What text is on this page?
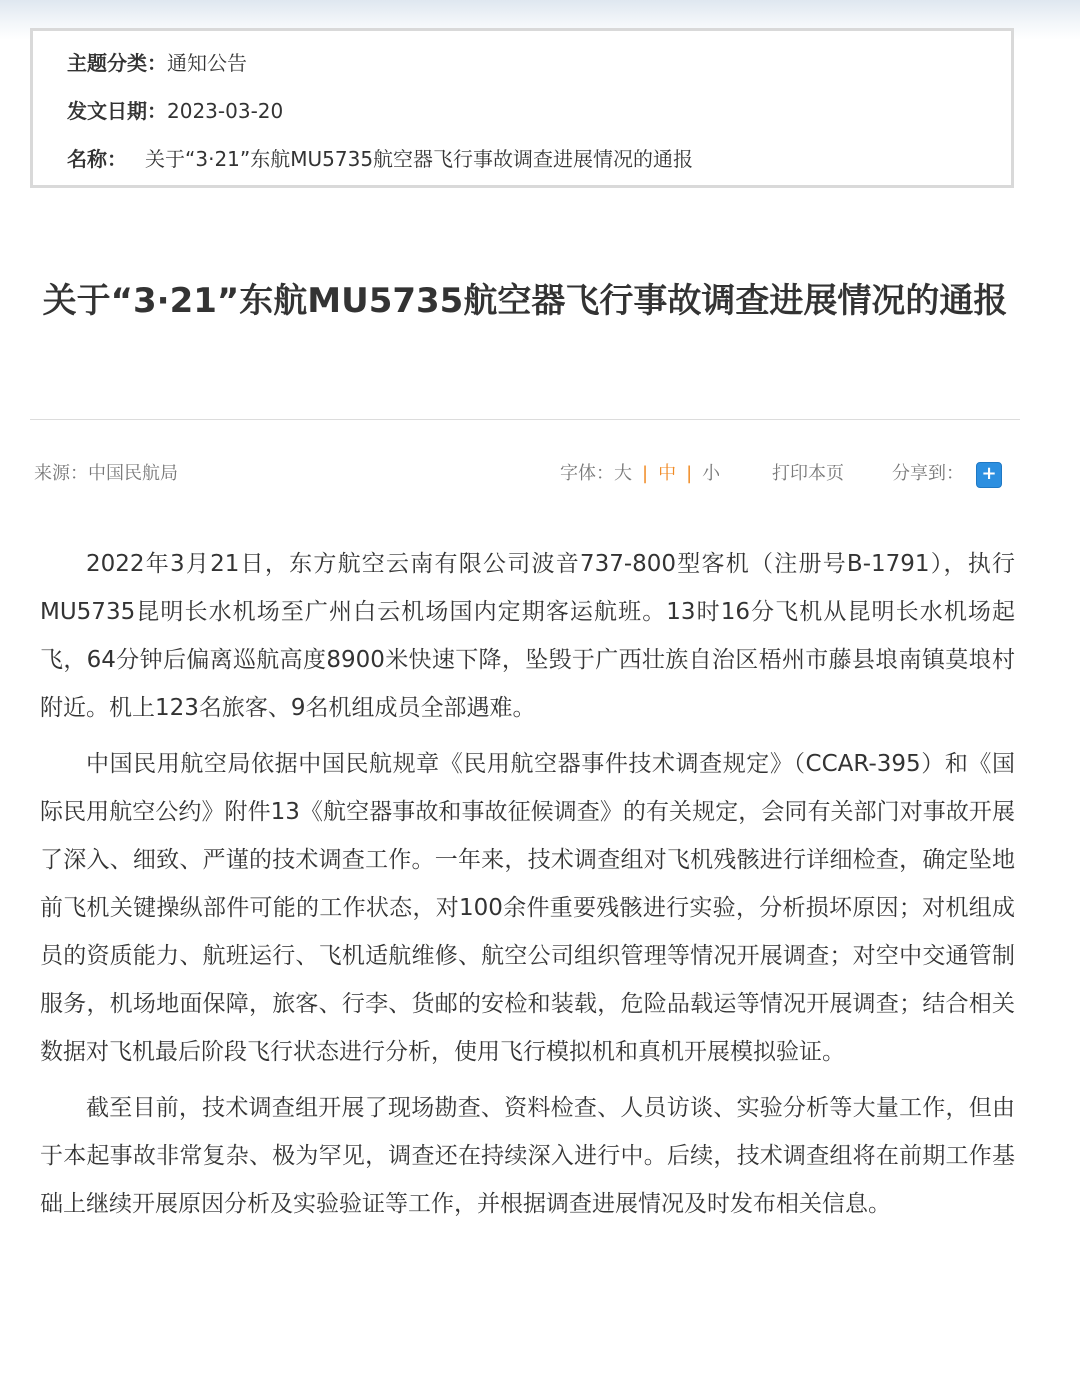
主题分类：通知公告
发文日期：2023-03-20
名称： 关于“3·21”东航MU5735航空器飞行事故调查进展情况的通报
关于“3·21”东航MU5735航空器飞行事故调查进展情况的通报
来源：中国民航局	字体：大 | 中 | 小	打印本页	分享到： +

2022年3月21日，东方航空云南有限公司波音737-800型客机（注册号B-1791），执行MU5735昆明长水机场至广州白云机场国内定期客运航班。13时16分飞机从昆明长水机场起飞，64分钟后偏离巡航高度8900米快速下降，坠毁于广西壮族自治区梧州市藤县埌南镇莫埌村附近。机上123名旅客、9名机组成员全部遇难。

中国民用航空局依据中国民航规章《民用航空器事件技术调查规定》（CCAR-395）和《国际民用航空公约》附件13《航空器事故和事故征候调查》的有关规定，会同有关部门对事故开展了深入、细致、严谨的技术调查工作。一年来，技术调查组对飞机残骸进行详细检查，确定坠地前飞机关键操纵部件可能的工作状态，对100余件重要残骸进行实验，分析损坏原因；对机组成员的资质能力、航班运行、飞机适航维修、航空公司组织管理等情况开展调查；对空中交通管制服务，机场地面保障，旅客、行李、货邮的安检和装载，危险品载运等情况开展调查；结合相关数据对飞机最后阶段飞行状态进行分析，使用飞行模拟机和真机开展模拟验证。

截至目前，技术调查组开展了现场勘查、资料检查、人员访谈、实验分析等大量工作，但由于本起事故非常复杂、极为罕见，调查还在持续深入进行中。后续，技术调查组将在前期工作基础上继续开展原因分析及实验验证等工作，并根据调查进展情况及时发布相关信息。
